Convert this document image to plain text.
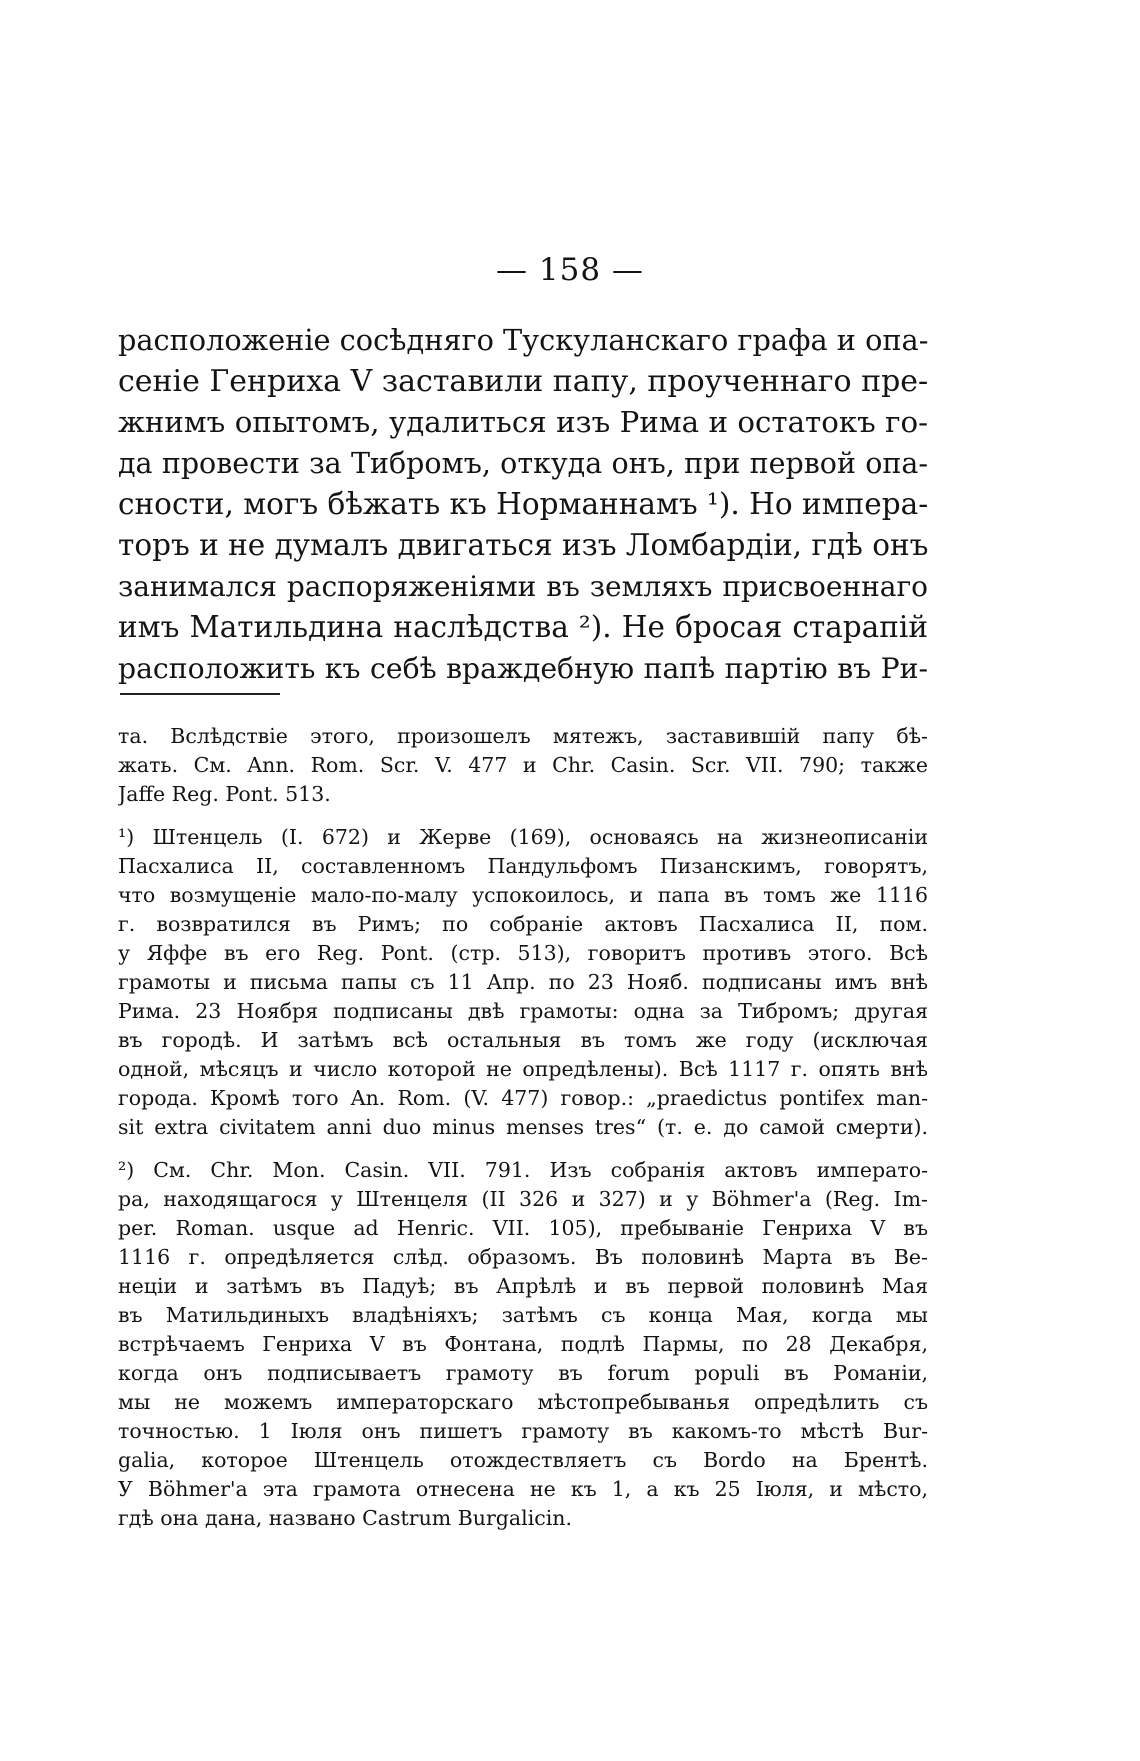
— 158 —
расположеніе сосѣдняго Тускуланскаго графа и опа-
сеніе Генриха V заставили папу, проученнаго пре-
жнимъ опытомъ, удалиться изъ Рима и остатокъ го-
да провести за Тибромъ, откуда онъ, при первой опа-
сности, могъ бѣжать къ Норманнамъ ¹). Но импера-
торъ и не думалъ двигаться изъ Ломбардіи, гдѣ онъ
занимался распоряженіями въ земляхъ присвоеннаго
имъ Матильдина наслѣдства ²). Не бросая старапій
расположить къ себѣ враждебную папѣ партію въ Ри-
та. Вслѣдствіе этого, произошелъ мятежъ, заставившій папу бѣ-
жать. См. Ann. Rom. Scr. V. 477 и Chr. Casin. Scr. VII. 790; также
Jaffe Reg. Pont. 513.
¹) Штенцель (I. 672) и Жерве (169), основаясь на жизнеописаніи
Пасхалиса II, составленномъ Пандульфомъ Пизанскимъ, говорятъ,
что возмущеніе мало-по-малу успокоилось, и папа въ томъ же 1116
г. возвратился въ Римъ; по собраніе актовъ Пасхалиса II, пом.
у Яффе въ его Reg. Pont. (стр. 513), говоритъ противъ этого. Всѣ
грамоты и письма папы съ 11 Апр. по 23 Нояб. подписаны имъ внѣ
Рима. 23 Ноября подписаны двѣ грамоты: одна за Тибромъ; другая
въ городѣ. И затѣмъ всѣ остальныя въ томъ же году (исключая
одной, мѣсяцъ и число которой не опредѣлены). Всѣ 1117 г. опять внѣ
города. Кромѣ того An. Rom. (V. 477) говор.: „praedictus pontifex man-
sit extra civitatem anni duo minus menses tres“ (т. е. до самой смерти).
²) См. Chr. Mon. Casin. VII. 791. Изъ собранія актовъ императо-
ра, находящагося у Штенцеля (II 326 и 327) и у Böhmer'a (Reg. Im-
per. Roman. usque ad Henric. VII. 105), пребываніе Генриха V въ
1116 г. опредѣляется слѣд. образомъ. Въ половинѣ Марта въ Ве-
неціи и затѣмъ въ Падуѣ; въ Апрѣлѣ и въ первой половинѣ Мая
въ Матильдиныхъ владѣніяхъ; затѣмъ съ конца Мая, когда мы
встрѣчаемъ Генриха V въ Фонтана, подлѣ Пармы, по 28 Декабря,
когда онъ подписываетъ грамоту въ forum populi въ Романіи,
мы не можемъ императорскаго мѣстопребыванья опредѣлить съ
точностью. 1 Іюля онъ пишетъ грамоту въ какомъ-то мѣстѣ Bur-
galia, которое Штенцель отождествляетъ съ Bordo на Брентѣ.
У Böhmer'a эта грамота отнесена не къ 1, а къ 25 Іюля, и мѣсто,
гдѣ она дана, названо Castrum Burgalicin.
